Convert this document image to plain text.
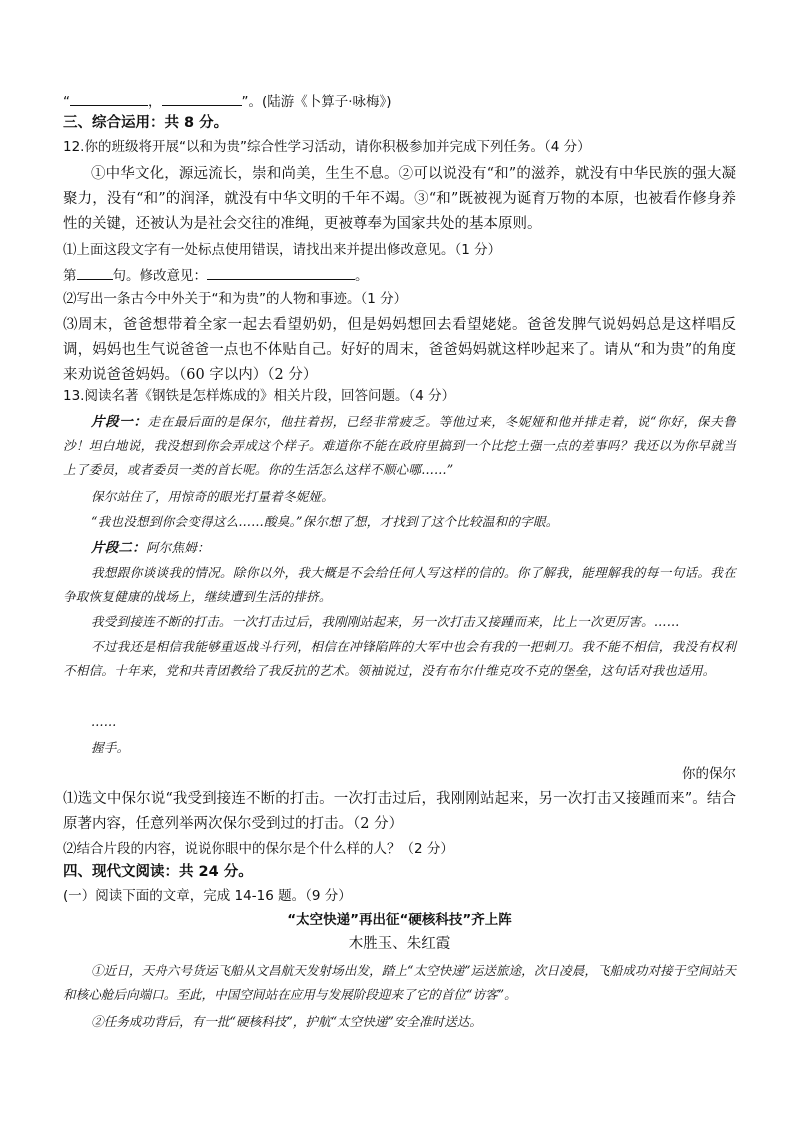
“	，	”。(陆游《卜算子·咏梅》)
三、综合运用：共 8 分。
12.你的班级将开展“以和为贵”综合性学习活动，请你积极参加并完成下列任务。（4 分）
①中华文化，源远流长，崇和尚美，生生不息。②可以说没有“和”的滋养，就没有中华民族的强大凝聚力，没有“和”的润泽，就没有中华文明的千年不竭。③“和”既被视为诞育万物的本原，也被看作修身养性的关键，还被认为是社会交往的准绳，更被尊奉为国家共处的基本原则。
⑴上面这段文字有一处标点使用错误，请找出来并提出修改意见。（1 分）
第	句。修改意见：	。
⑵写出一条古今中外关于“和为贵”的人物和事迹。（1 分）
⑶周末，爸爸想带着全家一起去看望奶奶，但是妈妈想回去看望姥姥。爸爸发脾气说妈妈总是这样唱反调，妈妈也生气说爸爸一点也不体贴自己。好好的周末，爸爸妈妈就这样吵起来了。请从“和为贵”的角度来劝说爸爸妈妈。（60 字以内）（2 分）
13.阅读名著《钢铁是怎样炼成的》相关片段，回答问题。（4 分）
片段一：走在最后面的是保尔，他拄着拐，已经非常疲乏。等他过来，冬妮娅和他并排走着，说“你好，保夫鲁沙！坦白地说，我没想到你会弄成这个样子。难道你不能在政府里搞到一个比挖土强一点的差事吗？我还以为你早就当上了委员，或者委员一类的首长呢。你的生活怎么这样不顺心哪……”
保尔站住了，用惊奇的眼光打量着冬妮娅。
“我也没想到你会变得这么……酸臭。”保尔想了想，才找到了这个比较温和的字眼。
片段二：阿尔焦姆：
我想跟你谈谈我的情况。除你以外，我大概是不会给任何人写这样的信的。你了解我，能理解我的每一句话。我在争取恢复健康的战场上，继续遭到生活的排挤。
我受到接连不断的打击。一次打击过后，我刚刚站起来，另一次打击又接踵而来，比上一次更厉害。……
不过我还是相信我能够重返战斗行列，相信在冲锋陷阵的大军中也会有我的一把刺刀。我不能不相信，我没有权利不相信。十年来，党和共青团教给了我反抗的艺术。领袖说过，没有布尔什维克攻不克的堡垒，这句话对我也适用。
……
握手。
你的保尔
⑴选文中保尔说“我受到接连不断的打击。一次打击过后，我刚刚站起来，另一次打击又接踵而来”。结合原著内容，任意列举两次保尔受到过的打击。（2 分）
⑵结合片段的内容，说说你眼中的保尔是个什么样的人？（2 分）
四、现代文阅读：共 24 分。
(一）阅读下面的文章，完成 14-16 题。（9 分）
“太空快递”再出征“硬核科技”齐上阵
木胜玉、朱红霞
①近日，天舟六号货运飞船从文昌航天发射场出发，踏上“太空快递”运送旅途，次日凌晨，飞船成功对接于空间站天和核心舱后向端口。至此，中国空间站在应用与发展阶段迎来了它的首位“访客”。
②任务成功背后，有一批“硬核科技”，护航“太空快递”安全准时送达。
